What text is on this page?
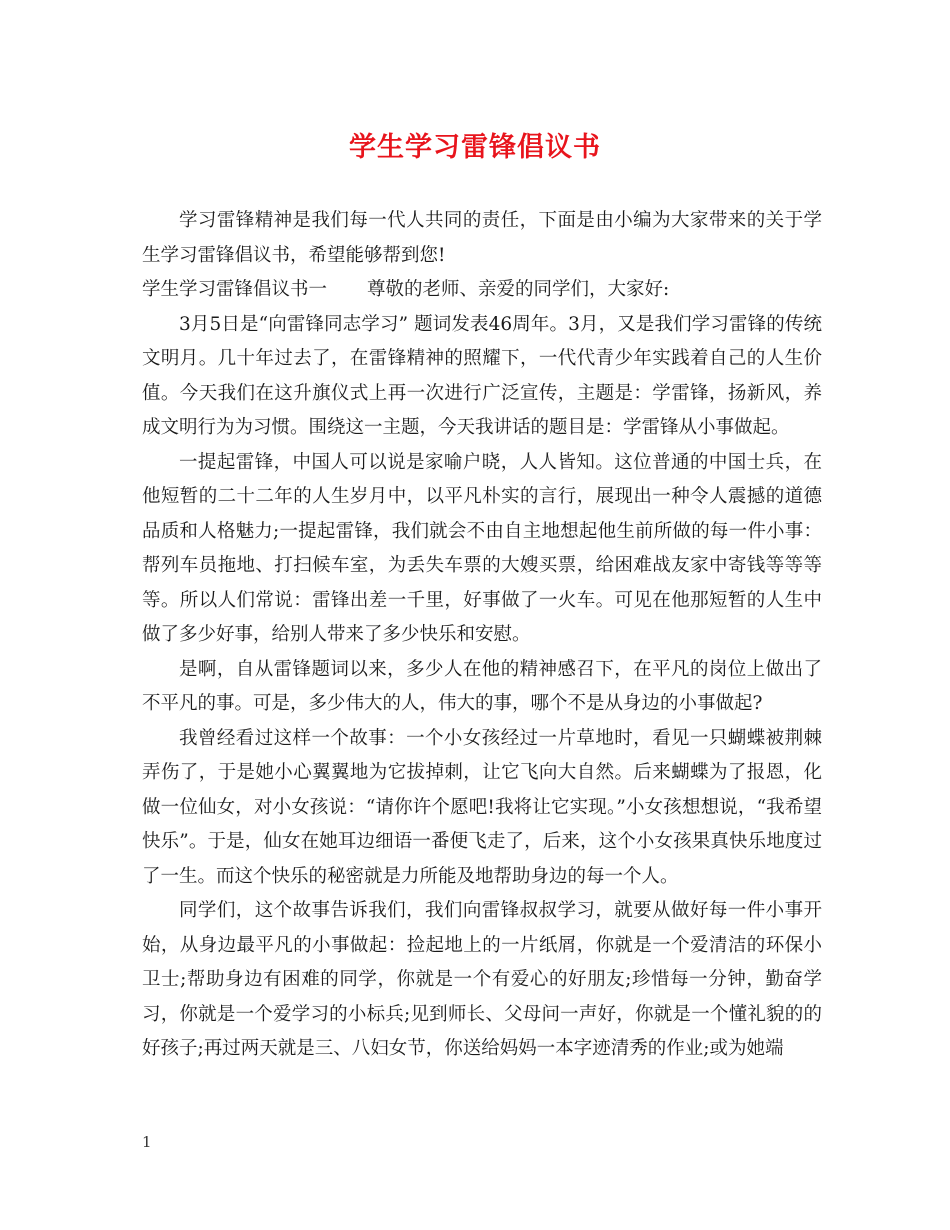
学生学习雷锋倡议书

学习雷锋精神是我们每一代人共同的责任，下面是由小编为大家带来的关于学生学习雷锋倡议书，希望能够帮到您!

学生学习雷锋倡议书一 尊敬的老师、亲爱的同学们，大家好:

3月5日是“向雷锋同志学习” 题词发表46周年。3月，又是我们学习雷锋的传统文明月。几十年过去了，在雷锋精神的照耀下，一代代青少年实践着自己的人生价值。今天我们在这升旗仪式上再一次进行广泛宣传，主题是：学雷锋，扬新风，养成文明行为为习惯。围绕这一主题，今天我讲话的题目是：学雷锋从小事做起。

一提起雷锋，中国人可以说是家喻户晓，人人皆知。这位普通的中国士兵，在他短暂的二十二年的人生岁月中，以平凡朴实的言行，展现出一种令人震撼的道德品质和人格魅力;一提起雷锋，我们就会不由自主地想起他生前所做的每一件小事：帮列车员拖地、打扫候车室，为丢失车票的大嫂买票，给困难战友家中寄钱等等等等。所以人们常说：雷锋出差一千里，好事做了一火车。可见在他那短暂的人生中做了多少好事，给别人带来了多少快乐和安慰。

是啊，自从雷锋题词以来，多少人在他的精神感召下，在平凡的岗位上做出了不平凡的事。可是，多少伟大的人，伟大的事，哪个不是从身边的小事做起?

我曾经看过这样一个故事：一个小女孩经过一片草地时，看见一只蝴蝶被荆棘弄伤了，于是她小心翼翼地为它拔掉刺，让它飞向大自然。后来蝴蝶为了报恩，化做一位仙女，对小女孩说：“请你许个愿吧!我将让它实现。”小女孩想想说，“我希望快乐”。于是，仙女在她耳边细语一番便飞走了，后来，这个小女孩果真快乐地度过了一生。而这个快乐的秘密就是力所能及地帮助身边的每一个人。

同学们，这个故事告诉我们，我们向雷锋叔叔学习，就要从做好每一件小事开始，从身边最平凡的小事做起：捡起地上的一片纸屑，你就是一个爱清洁的环保小卫士;帮助身边有困难的同学，你就是一个有爱心的好朋友;珍惜每一分钟，勤奋学习，你就是一个爱学习的小标兵;见到师长、父母问一声好，你就是一个懂礼貌的的好孩子;再过两天就是三、八妇女节，你送给妈妈一本字迹清秀的作业;或为她端

1
